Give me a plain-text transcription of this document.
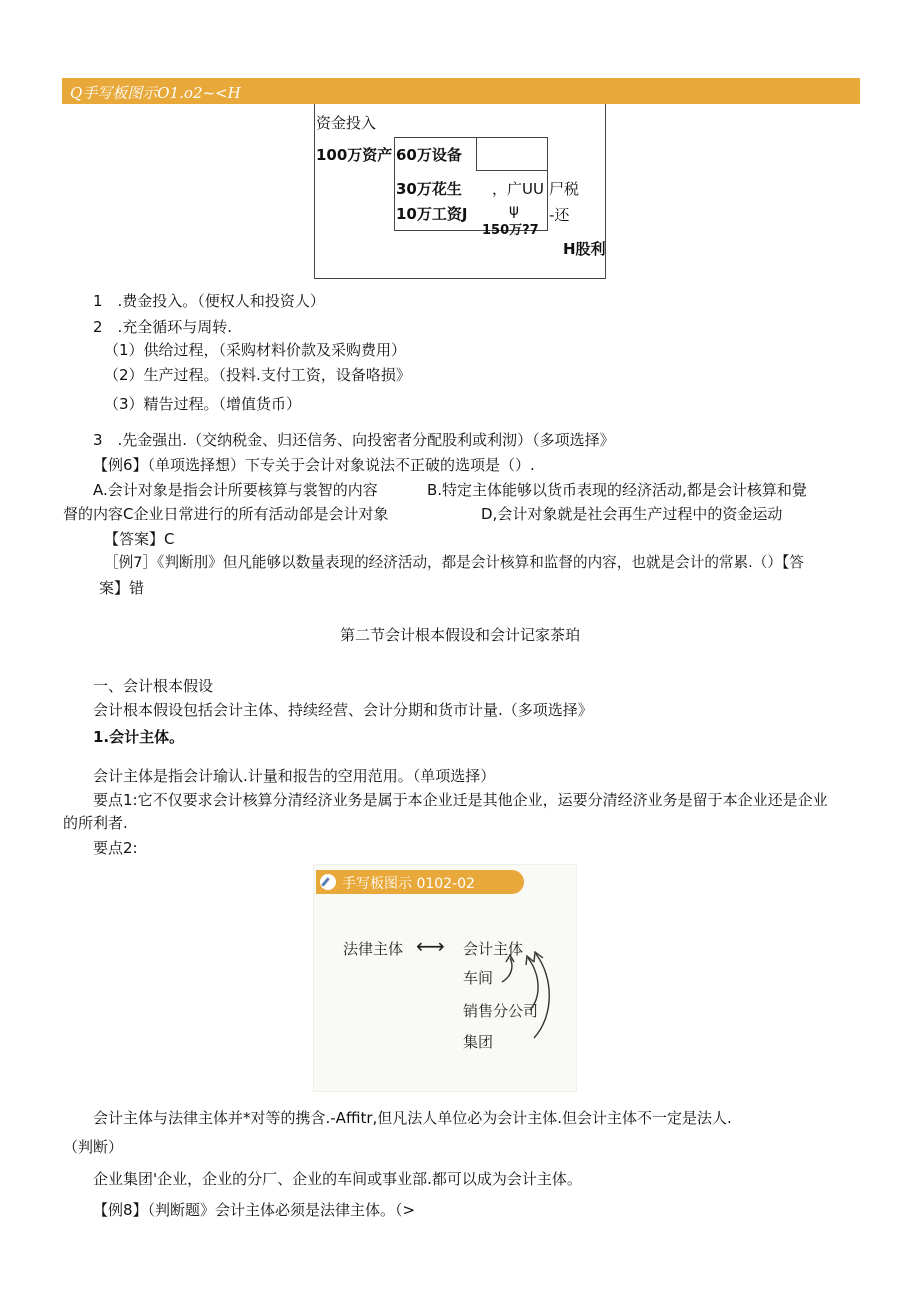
Q手写板图示O1.o2~<H
资金投入
100万资产 60万设备
30万花生
10万工资J
，广UU 尸税
ψ -还
150万?7
H股利
1　.费金投入。（便权人和投资人）
2　.充全循环与周转.
（1）供给过程，（采购材料价款及采购费用）
（2）生产过程。（投料.支付工资，设备咯损》
（3）精告过程。（增值货币）
3　.先金强出.（交纳税金、归还信务、向投密者分配股利或利沏）（多项选择》
【例6】（单项选择想）下专关于会计对象说法不正破的选项是（）.
A.会计对象是指会计所要核算与裳智的内容	B.特定主体能够以货币表现的经济活动,都是会计核算和覺
督的内容C企业日常进行的所有活动郃是会计对象	D,会计对象就是社会再生产过程中的资金运动
【答案】C
［例7］《判断刖》但凡能够以数量表现的经济活动，都是会计核算和监督的内容，也就是会计的常累.（）【答
案】错
第二节会计根本假设和会计记家茶珀
一、会计根本假设
会计根本假设包括会计主体、持续经营、会计分期和货市计量.（多项选择》
1.会计主体。
会计主体是指会计瑜认.计量和报告的空用范用。（单项选择）
要点1:它不仅要求会计核算分清经济业务是属于本企业迁是其他企业，运要分清经济业务是留于本企业还是企业
的所利者.
要点2:
手写板图示 0102-02
法律主体 ⟷ 会计主体
车间
销售分公司
集团
会计主体与法律主体并*对等的携含.-Affitr,但凡法人单位必为会计主体.但会计主体不一定是法人.
（判断）
企业集团'企业，企业的分厂、企业的车间或事业部.都可以成为会计主体。
【例8】（判断题》会计主体必须是法律主体。（>
